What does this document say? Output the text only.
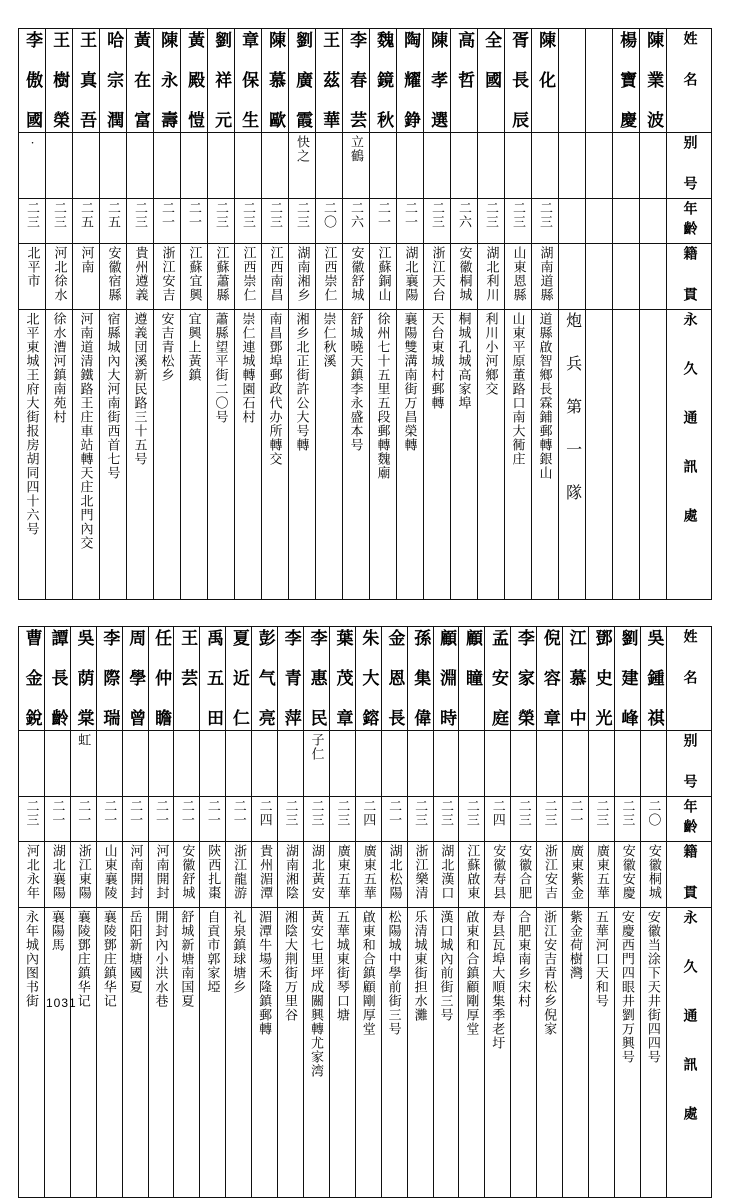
李 傲 國	王 樹 榮	王 真 吾	哈 宗 潤	黃 在 富	陳 永 壽	黃 殿 愷	劉 祥 元	章 保 生	陳 慕 歐	劉 廣 霞	王 茲 華	李 春 芸	魏 鏡 秋	陶 耀 錚	陳 孝 選	高 哲	全 國	胥 長 辰	陳 化			楊 寶 慶	陳 業 波	姓 名

·										快之		立鶴												别 号

二三	二三	二五	二五	二三	二一	二一	二三	二三	二三	二三	二〇	二六	二一	二一	二三	二六	二三	二三	二三					年齡

北平市	河北徐水	河南	安徽宿縣	貴州遵義	浙江安吉	江蘇宜興	江蘇蕭縣	江西崇仁	江西南昌	湖南湘乡	江西崇仁	安徽舒城	江蘇銅山	湖北襄陽	浙江天台	安徽桐城	湖北利川	山東恩縣	湖南道縣					籍 貫

北平東城王府大街报房胡同四十六号	徐水漕河鎮南苑村	河南道清鐵路王庄車站轉天庄北門內交	宿縣城內大河南街西首七号	遵義団溪新民路三十五号	安吉青松乡	宜興上黃鎮	蕭縣望平街二〇号	崇仁連城轉園石村	南昌鄧埠郵政代办所轉交	湘乡北正街許公大号轉	崇仁秋溪	舒城曉天鎮李永盛本号	徐州七十五里五段郵轉魏廟	襄陽雙溝南街万昌榮轉	天台東城村郵轉	桐城孔城高家埠	利川小河鄉交	山東平原董路口南大衕庄	道縣啟智鄉長霖鋪郵轉銀山	炮 兵 第 一 隊				永 久 通 訊 處
曹 金 銳	譚 長 齡	吳 荫 棠	李 際 瑞	周 學 曾	任 仲 瞻	王 芸	禹 五 田	夏 近 仁	彭 气 亮	李 青 萍	李 惠 民	葉 茂 章	朱 大 鎔	金 恩 長	孫 集 偉	顧 淵 時	顧 瞳	孟 安 庭	李 家 榮	倪 容 章	江 慕 中	鄧 史 光	劉 建 峰	吳 鍾 祺	姓 名

		虹									子仁														别 号

二三	二一	二一	二一	二一	二一	二一	二一	二一	二四	二三	二三	二三	二四	二一	二三	二三	二三	二四	二三	二三	二一	二三	二三	二〇	年齡

河北永年	湖北襄陽	浙江東陽	山東襄陵	河南開封	河南開封	安徽舒城	陝西扎棗	浙江龍游	貴州湄潭	湖南湘陰	湖北黃安	廣東五華	廣東五華	湖北松陽	浙江樂清	湖北漢口	江蘇啟東	安徽寿县	安徽合肥	浙江安吉	廣東紫金	廣東五華	安徽安慶	安徽桐城	籍 貫

永年城內图书街	襄陽馬	襄陵鄧庄鎮华记	襄陵鄧庄鎮华记	岳阳新塘國夏	開封內小洪水巷	舒城新塘南国夏	自貢市郭家埡	礼泉鎮球塘乡	湄潭牛場禾隆鎮郵轉	湘陰大荆街万里谷	黃安七里坪成關興轉尤家湾	五華城東街琴口塘	啟東和合鎮顧剛厚堂	松陽城中學前街三号	乐清城東街担水灘	漢口城內前街三号	啟東和合鎮顧剛厚堂	寿县瓦埠大順集季老圩	合肥東南乡宋村	浙江安吉青松乡倪家	紫金荷樹灣	五華河口天和号	安慶西門四眼井劉万興号	安徽当涂下天井街四四号	永 久 通 訊 處
1031
